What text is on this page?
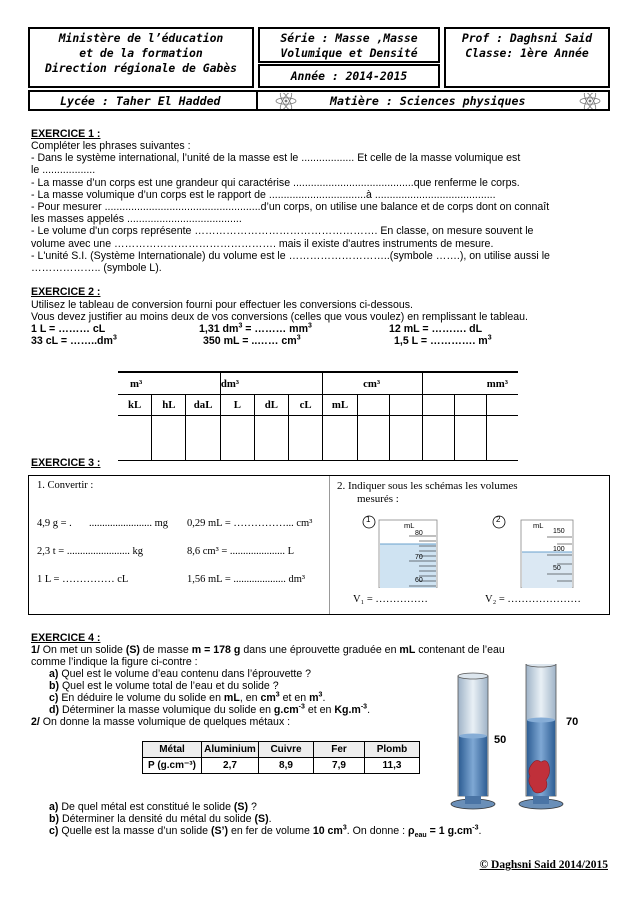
Ministère de l’éducation
et de la formation
Direction régionale de Gabès
Série : Masse ,Masse
Volumique et Densité
Année : 2014-2015
Prof : Daghsni Said
Classe: 1ère Année
Lycée : Taher El Hadded	Matière : Sciences physiques
EXERCICE 1 :
Compléter les phrases suivantes :
- Dans le système international, l’unité de la masse est le .................. Et celle de la masse volumique est
le ..................
- La masse d’un corps est une grandeur qui caractérise .........................................que renferme le corps.
- La masse volumique d’un corps est le rapport de .................................à .........................................
- Pour mesurer .....................................................d’un corps, on utilise une balance et de corps dont on connaît
les masses appelés .......................................
- Le volume d'un corps représente ……………………………………………. En classe, on mesure souvent le
volume avec une ………………………………………. mais il existe d'autres instruments de mesure.
- L'unité S.I. (Système Internationale) du volume est le ………………………..(symbole …….), on utilise aussi le
……………….. (symbole L).
EXERCICE 2 :
Utilisez le tableau de conversion fourni pour effectuer les conversions ci-dessous.
Vous devez justifier au moins deux de vos conversions (celles que vous voulez) en remplissant le tableau.
1 L = ……… cL	1,31 $dm^3$ = ……… $mm^3$	12 mL = ………. dL
33 cL = $\dots\dots..dm^3$	350 mL = ..…… $cm^3$	1,5 L = …………. $m^3$
m³			dm³			cm³			mm³		
kL	hL	daL	L	dL	cL	mL					

EXERCICE 3 :
1. Convertir :
4,9 g = . ........................ mg 0,29 mL = ……………... cm³
2,3 t = ........................ kg	8,6 cm³ = ..................... L
1 L = …………… cL	1,56 mL = .................... dm³
2. Indiquer sous les schémas les volumes
mesurés :
1
mL
80
70
60
V₁ = ……………
2
mL
150
100
50
V₂ = …………………
EXERCICE 4 :
1/ On met un solide (S) de masse m = 178 g dans une éprouvette graduée en mL contenant de l’eau
comme l’indique la figure ci-contre :
a) Quel est le volume d’eau contenu dans l’éprouvette ?
b) Quel est le volume total de l’eau et du solide ?
c) En déduire le volume du solide en mL, en $cm^3$ et en $m^3$.
d) Déterminer la masse volumique du solide en $g.cm^{-3}$ et en $Kg.m^{-3}$.
2/ On donne la masse volumique de quelques métaux :
Métal	Aluminium	Cuivre	Fer	Plomb
P (g.cm⁻³)	2,7	8,9	7,9	11,3
50
70
a) De quel métal est constitué le solide (S) ?
b) Déterminer la densité du métal du solide (S).
c) Quelle est la masse d’un solide (S’) en fer de volume 10 $cm^3$. On donne : $\rho_{eau} = 1$ $g.cm^{-3}$.
© Daghsni Said 2014/2015
